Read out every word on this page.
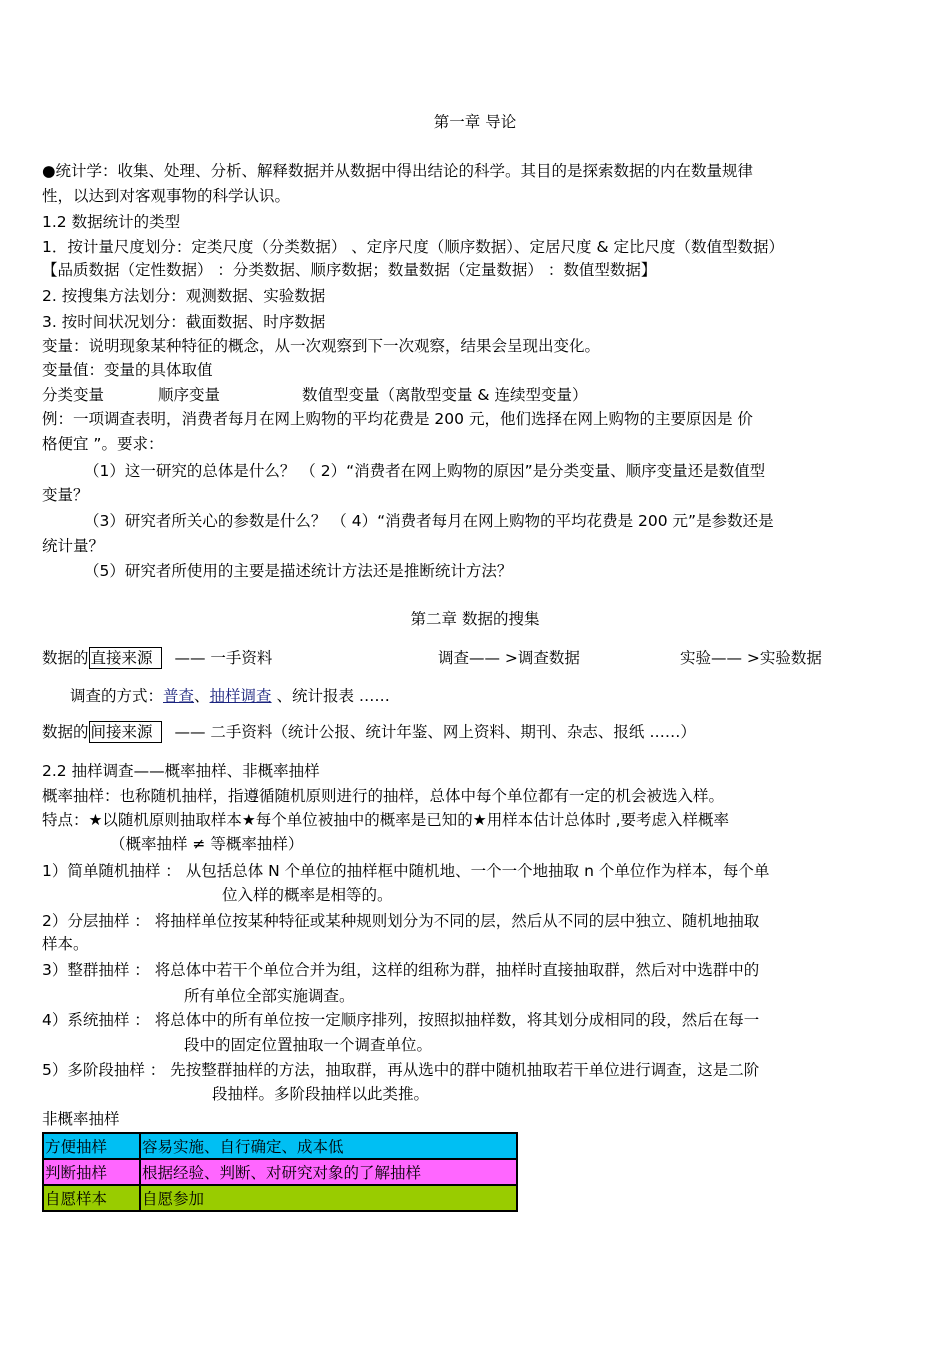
第一章 导论
●统计学：收集、处理、分析、解释数据并从数据中得出结论的科学。其目的是探索数据的内在数量规律
性，以达到对客观事物的科学认识。
1.2 数据统计的类型
1．按计量尺度划分：定类尺度（分类数据） 、定序尺度（顺序数据）、定居尺度 & 定比尺度（数值型数据）
【品质数据（定性数据） ：分类数据、顺序数据；数量数据（定量数据） ：数值型数据】
2. 按搜集方法划分：观测数据、实验数据
3. 按时间状况划分：截面数据、时序数据
变量：说明现象某种特征的概念，从一次观察到下一次观察，结果会呈现出变化。
变量值：变量的具体取值
分类变量	顺序变量	数值型变量（离散型变量 & 连续型变量）
例：一项调查表明，消费者每月在网上购物的平均花费是 200 元，他们选择在网上购物的主要原因是 价
格便宜 ”。要求：
（1）这一研究的总体是什么？ （ 2）“消费者在网上购物的原因”是分类变量、顺序变量还是数值型
变量？
（3）研究者所关心的参数是什么？ （ 4）“消费者每月在网上购物的平均花费是 200 元”是参数还是
统计量？
（5）研究者所使用的主要是描述统计方法还是推断统计方法？
第二章 数据的搜集
数据的 直接来源 —— 一手资料	调查—— >调查数据	实验—— >实验数据
调查的方式：普查、抽样调查 、统计报表 ……
数据的 间接来源 —— 二手资料（统计公报、统计年鉴、网上资料、期刊、杂志、报纸 ……）
2.2 抽样调查——概率抽样、非概率抽样
概率抽样：也称随机抽样，指遵循随机原则进行的抽样，总体中每个单位都有一定的机会被选入样。
特点：★以随机原则抽取样本★每个单位被抽中的概率是已知的★用样本估计总体时 ,要考虑入样概率
（概率抽样 ≠ 等概率抽样）
1）简单随机抽样 ： 从包括总体 N 个单位的抽样框中随机地、一个一个地抽取 n 个单位作为样本，每个单
位入样的概率是相等的。
2）分层抽样 ： 将抽样单位按某种特征或某种规则划分为不同的层，然后从不同的层中独立、随机地抽取
样本。
3）整群抽样 ： 将总体中若干个单位合并为组，这样的组称为群，抽样时直接抽取群，然后对中选群中的
所有单位全部实施调查。
4）系统抽样 ： 将总体中的所有单位按一定顺序排列，按照拟抽样数，将其划分成相同的段，然后在每一
段中的固定位置抽取一个调查单位。
5）多阶段抽样 ： 先按整群抽样的方法，抽取群，再从选中的群中随机抽取若干单位进行调查，这是二阶
段抽样。多阶段抽样以此类推。
非概率抽样
方便抽样	容易实施、自行确定、成本低
判断抽样	根据经验、判断、对研究对象的了解抽样
自愿样本	自愿参加
